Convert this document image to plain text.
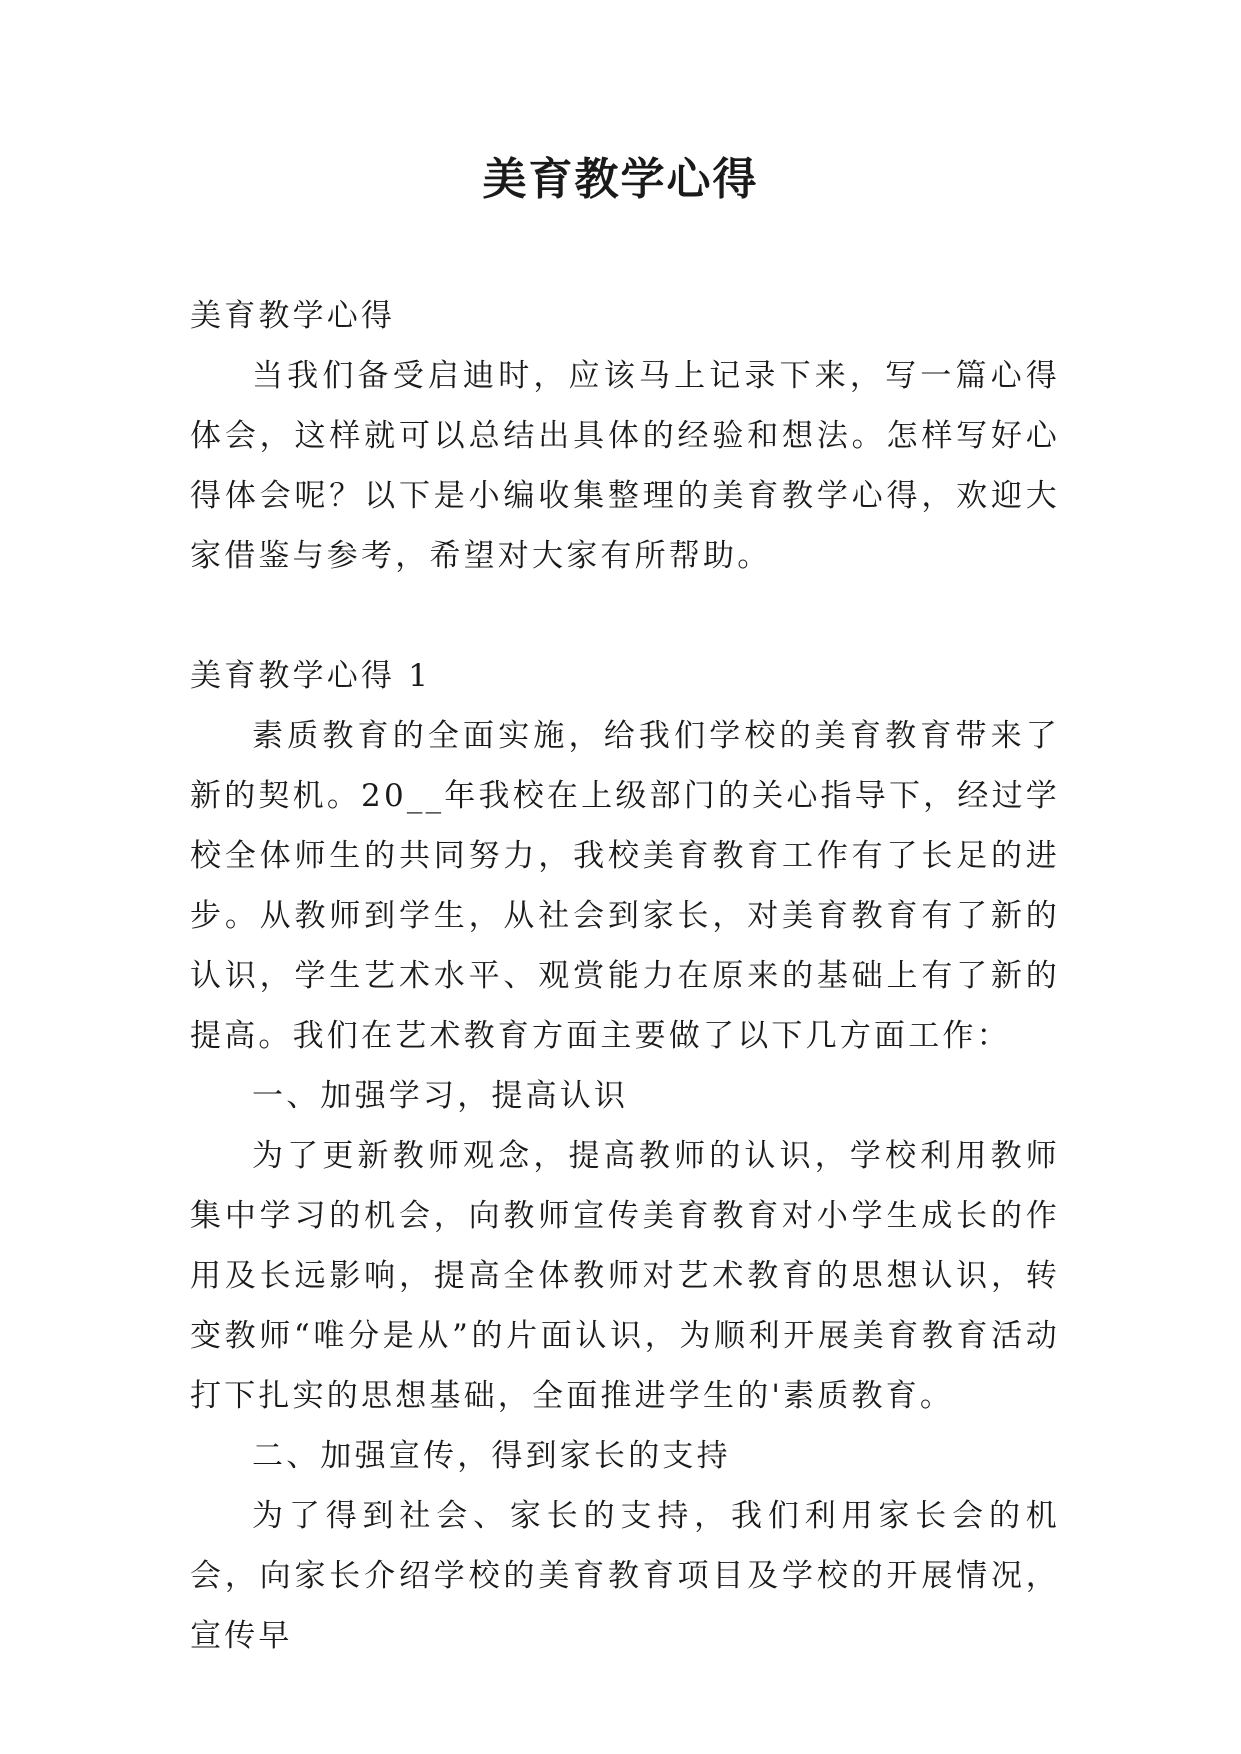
美育教学心得

美育教学心得

当我们备受启迪时，应该马上记录下来，写一篇心得体会，这样就可以总结出具体的经验和想法。怎样写好心得体会呢？以下是小编收集整理的美育教学心得，欢迎大家借鉴与参考，希望对大家有所帮助。

美育教学心得 1

素质教育的全面实施，给我们学校的美育教育带来了新的契机。20__年我校在上级部门的关心指导下，经过学校全体师生的共同努力，我校美育教育工作有了长足的进步。从教师到学生，从社会到家长，对美育教育有了新的认识，学生艺术水平、观赏能力在原来的基础上有了新的提高。我们在艺术教育方面主要做了以下几方面工作：

一、加强学习，提高认识

为了更新教师观念，提高教师的认识，学校利用教师集中学习的机会，向教师宣传美育教育对小学生成长的作用及长远影响，提高全体教师对艺术教育的思想认识，转变教师“唯分是从”的片面认识，为顺利开展美育教育活动打下扎实的思想基础，全面推进学生的'素质教育。

二、加强宣传，得到家长的支持

为了得到社会、家长的支持，我们利用家长会的机会，向家长介绍学校的美育教育项目及学校的开展情况，宣传早
